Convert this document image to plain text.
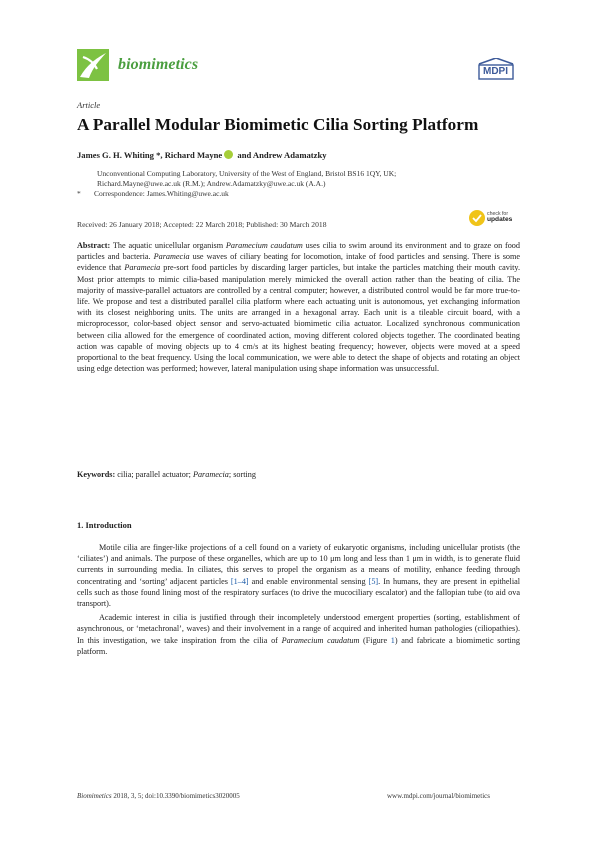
biomimetics	MDPI
Article
A Parallel Modular Biomimetic Cilia Sorting Platform
James G. H. Whiting *, Richard Mayne and Andrew Adamatzky
Unconventional Computing Laboratory, University of the West of England, Bristol BS16 1QY, UK;
Richard.Mayne@uwe.ac.uk (R.M.); Andrew.Adamatzky@uwe.ac.uk (A.A.)
* Correspondence: James.Whiting@uwe.ac.uk
Received: 26 January 2018; Accepted: 22 March 2018; Published: 30 March 2018
check for
updates
Abstract: The aquatic unicellular organism Paramecium caudatum uses cilia to swim around its environment and to graze on food particles and bacteria. Paramecia use waves of ciliary beating for locomotion, intake of food particles and sensing. There is some evidence that Paramecia pre-sort food particles by discarding larger particles, but intake the particles matching their mouth cavity. Most prior attempts to mimic cilia-based manipulation merely mimicked the overall action rather than the beating of cilia. The majority of massive-parallel actuators are controlled by a central computer; however, a distributed control would be far more true-to-life. We propose and test a distributed parallel cilia platform where each actuating unit is autonomous, yet exchanging information with its closest neighboring units. The units are arranged in a hexagonal array. Each unit is a tileable circuit board, with a microprocessor, color-based object sensor and servo-actuated biomimetic cilia actuator. Localized synchronous communication between cilia allowed for the emergence of coordinated action, moving different colored objects together. The coordinated beating action was capable of moving objects up to 4 cm/s at its highest beating frequency; however, objects were moved at a speed proportional to the beat frequency. Using the local communication, we were able to detect the shape of objects and rotating an object using edge detection was performed; however, lateral manipulation using shape information was unsuccessful.
Keywords: cilia; parallel actuator; Paramecia; sorting
1. Introduction

Motile cilia are finger-like projections of a cell found on a variety of eukaryotic organisms, including unicellular protists (the ‘ciliates’) and animals. The purpose of these organelles, which are up to 10 μm long and less than 1 μm in width, is to generate fluid currents in surrounding media. In ciliates, this serves to propel the organism as a means of motility, enhance feeding through concentrating and ‘sorting’ adjacent particles [1–4] and enable environmental sensing [5]. In humans, they are present in epithelial cells such as those found lining most of the respiratory surfaces (to drive the mucociliary escalator) and the fallopian tube (to aid ova transport).

Academic interest in cilia is justified through their incompletely understood emergent properties (sorting, establishment of asynchronous, or ‘metachronal’, waves) and their involvement in a range of acquired and inherited human pathologies (ciliopathies). In this investigation, we take inspiration from the cilia of Paramecium caudatum (Figure 1) and fabricate a biomimetic sorting platform.

Biomimetics 2018, 3, 5; doi:10.3390/biomimetics3020005	www.mdpi.com/journal/biomimetics
